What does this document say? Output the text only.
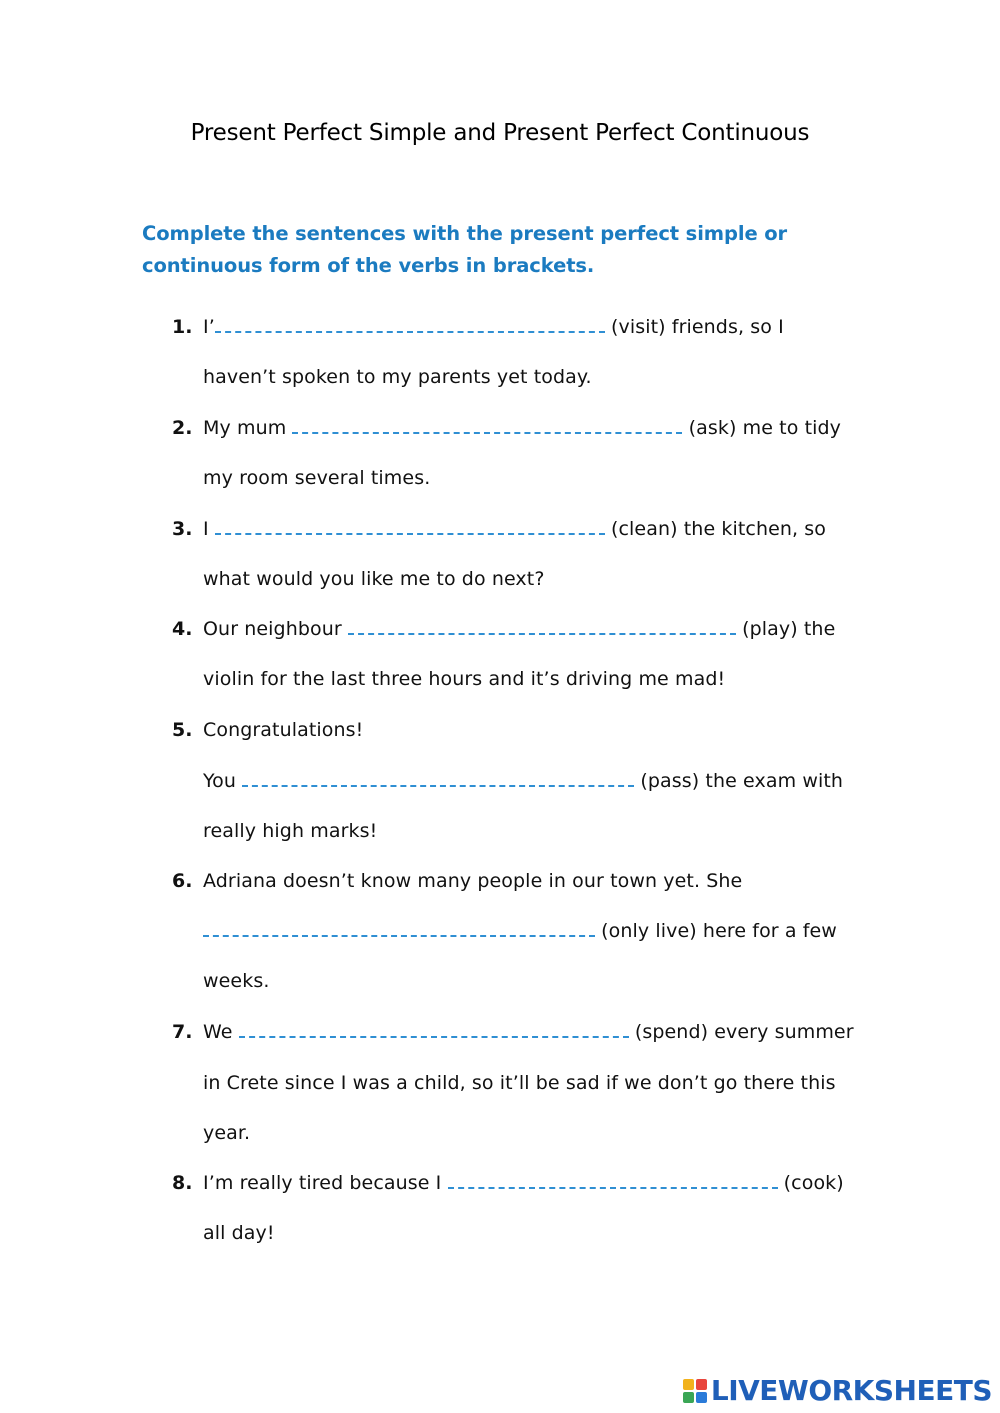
Present Perfect Simple and Present Perfect Continuous
Complete the sentences with the present perfect simple or continuous form of the verbs in brackets.
1. I’	(visit) friends, so I
haven’t spoken to my parents yet today.
2. My mum	(ask) me to tidy
my room several times.
3. I	(clean) the kitchen, so
what would you like me to do next?
4. Our neighbour	(play) the
violin for the last three hours and it’s driving me mad!
5. Congratulations!
You	(pass) the exam with
really high marks!
6. Adriana doesn’t know many people in our town yet. She
(only live) here for a few
weeks.
7. We	(spend) every summer
in Crete since I was a child, so it’ll be sad if we don’t go there this
year.
8. I’m really tired because I	(cook)
all day!
LIVEWORKSHEETS
